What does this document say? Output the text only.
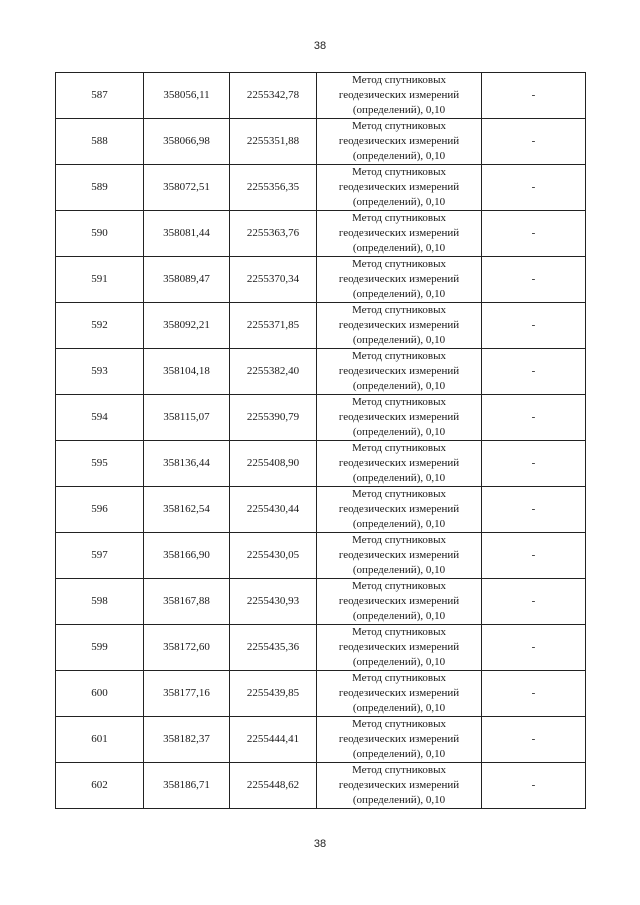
38
587	358056,11	2255342,78	Метод спутниковых
геодезических измерений
(определений), 0,10	-
588	358066,98	2255351,88	Метод спутниковых
геодезических измерений
(определений), 0,10	-
589	358072,51	2255356,35	Метод спутниковых
геодезических измерений
(определений), 0,10	-
590	358081,44	2255363,76	Метод спутниковых
геодезических измерений
(определений), 0,10	-
591	358089,47	2255370,34	Метод спутниковых
геодезических измерений
(определений), 0,10	-
592	358092,21	2255371,85	Метод спутниковых
геодезических измерений
(определений), 0,10	-
593	358104,18	2255382,40	Метод спутниковых
геодезических измерений
(определений), 0,10	-
594	358115,07	2255390,79	Метод спутниковых
геодезических измерений
(определений), 0,10	-
595	358136,44	2255408,90	Метод спутниковых
геодезических измерений
(определений), 0,10	-
596	358162,54	2255430,44	Метод спутниковых
геодезических измерений
(определений), 0,10	-
597	358166,90	2255430,05	Метод спутниковых
геодезических измерений
(определений), 0,10	-
598	358167,88	2255430,93	Метод спутниковых
геодезических измерений
(определений), 0,10	-
599	358172,60	2255435,36	Метод спутниковых
геодезических измерений
(определений), 0,10	-
600	358177,16	2255439,85	Метод спутниковых
геодезических измерений
(определений), 0,10	-
601	358182,37	2255444,41	Метод спутниковых
геодезических измерений
(определений), 0,10	-
602	358186,71	2255448,62	Метод спутниковых
геодезических измерений
(определений), 0,10	-
38
